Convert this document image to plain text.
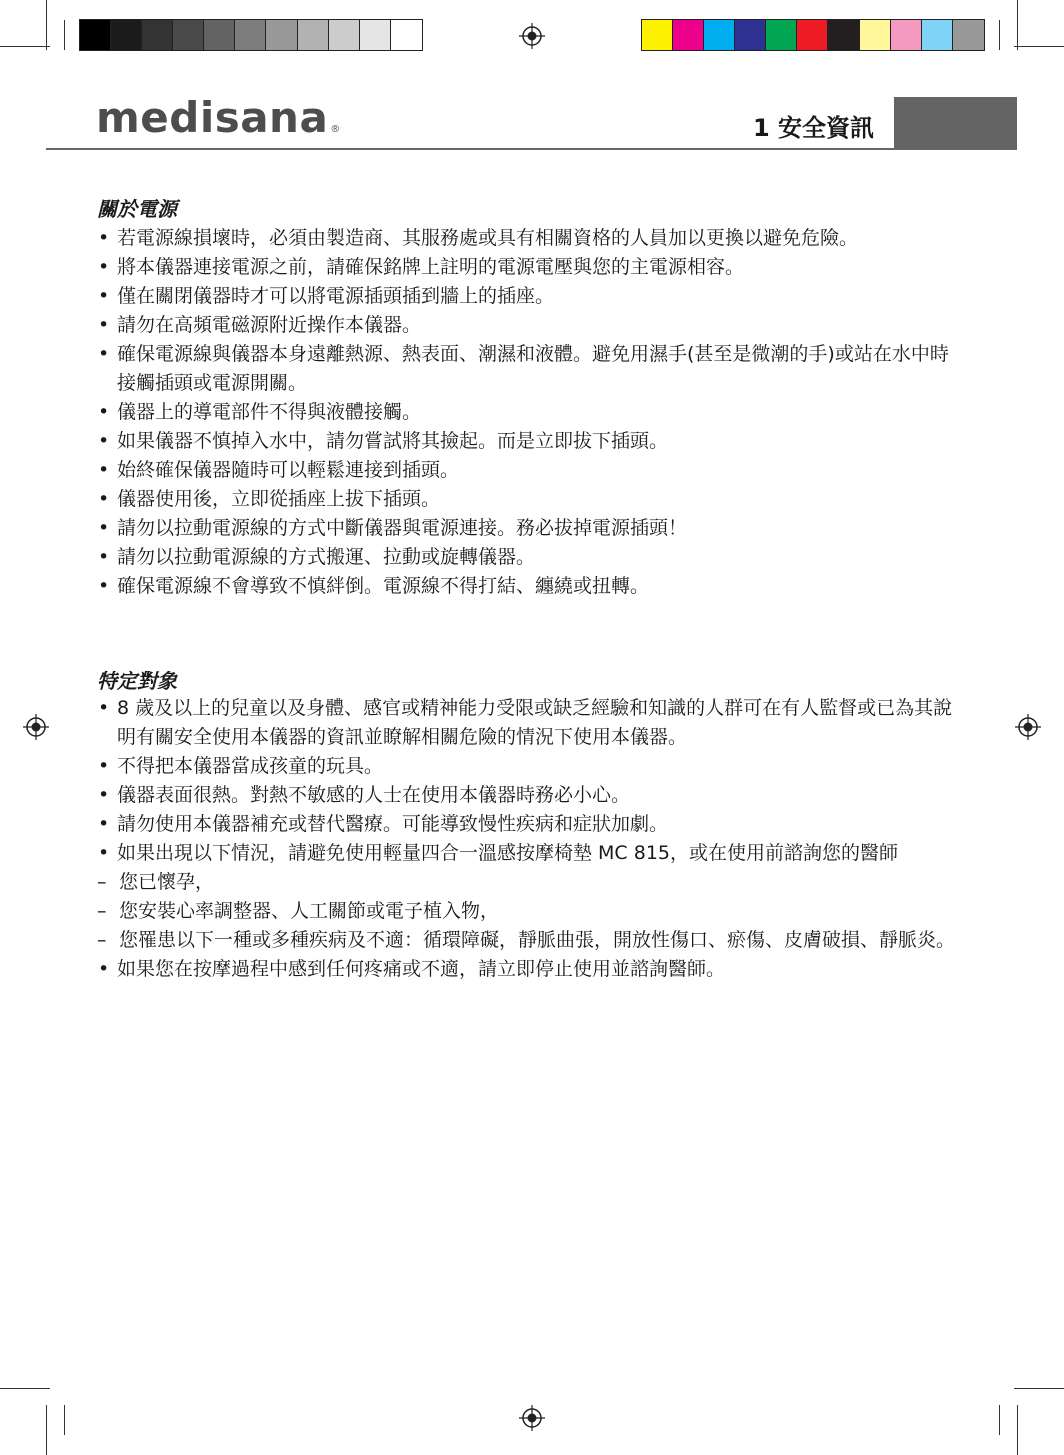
medisana ®	1 安全資訊
關於電源
• 若電源線損壞時，必須由製造商、其服務處或具有相關資格的人員加以更換以避免危險。
• 將本儀器連接電源之前，請確保銘牌上註明的電源電壓與您的主電源相容。
• 僅在關閉儀器時才可以將電源插頭插到牆上的插座。
• 請勿在高頻電磁源附近操作本儀器。
• 確保電源線與儀器本身遠離熱源、熱表面、潮濕和液體。避免用濕手(甚至是微潮的手)或站在水中時接觸插頭或電源開關。
• 儀器上的導電部件不得與液體接觸。
• 如果儀器不慎掉入水中，請勿嘗試將其撿起。而是立即拔下插頭。
• 始終確保儀器隨時可以輕鬆連接到插頭。
• 儀器使用後，立即從插座上拔下插頭。
• 請勿以拉動電源線的方式中斷儀器與電源連接。務必拔掉電源插頭！
• 請勿以拉動電源線的方式搬運、拉動或旋轉儀器。
• 確保電源線不會導致不慎絆倒。電源線不得打結、纏繞或扭轉。
特定對象
• 8 歲及以上的兒童以及身體、感官或精神能力受限或缺乏經驗和知識的人群可在有人監督或已為其說明有關安全使用本儀器的資訊並瞭解相關危險的情況下使用本儀器。
• 不得把本儀器當成孩童的玩具。
• 儀器表面很熱。對熱不敏感的人士在使用本儀器時務必小心。
• 請勿使用本儀器補充或替代醫療。可能導致慢性疾病和症狀加劇。
• 如果出現以下情況，請避免使用輕量四合一溫感按摩椅墊 MC 815，或在使用前諮詢您的醫師
– 您已懷孕，
– 您安裝心率調整器、人工關節或電子植入物，
– 您罹患以下一種或多種疾病及不適：循環障礙，靜脈曲張，開放性傷口、瘀傷、皮膚破損、靜脈炎。
• 如果您在按摩過程中感到任何疼痛或不適，請立即停止使用並諮詢醫師。
